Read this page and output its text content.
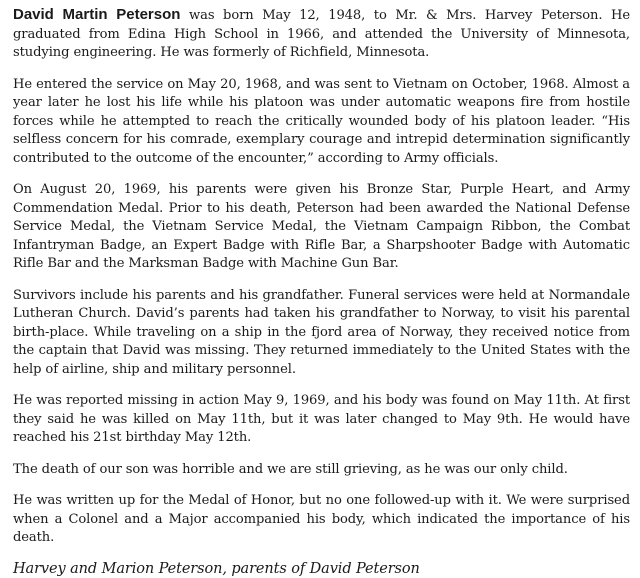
David Martin Peterson was born May 12, 1948, to Mr. & Mrs. Harvey Peterson. He graduated from Edina High School in 1966, and attended the University of Minnesota, studying engineering. He was formerly of Richfield, Minnesota.

He entered the service on May 20, 1968, and was sent to Vietnam on October, 1968. Almost a year later he lost his life while his platoon was under automatic weapons fire from hostile forces while he attempted to reach the critically wounded body of his platoon leader. “His selfless concern for his comrade, exemplary courage and intrepid determination significantly contributed to the outcome of the encounter,” according to Army officials.

On August 20, 1969, his parents were given his Bronze Star, Purple Heart, and Army Commendation Medal. Prior to his death, Peterson had been awarded the National Defense Service Medal, the Vietnam Service Medal, the Vietnam Campaign Ribbon, the Combat Infantryman Badge, an Expert Badge with Rifle Bar, a Sharpshooter Badge with Automatic Rifle Bar and the Marksman Badge with Machine Gun Bar.

Survivors include his parents and his grandfather. Funeral services were held at Normandale Lutheran Church. David’s parents had taken his grandfather to Norway, to visit his parental birth-place. While traveling on a ship in the fjord area of Norway, they received notice from the captain that David was missing. They returned immediately to the United States with the help of airline, ship and military personnel.

He was reported missing in action May 9, 1969, and his body was found on May 11th. At first they said he was killed on May 11th, but it was later changed to May 9th. He would have reached his 21st birthday May 12th.

The death of our son was horrible and we are still grieving, as he was our only child.

He was written up for the Medal of Honor, but no one followed-up with it. We were surprised when a Colonel and a Major accompanied his body, which indicated the importance of his death.

Harvey and Marion Peterson, parents of David Peterson
